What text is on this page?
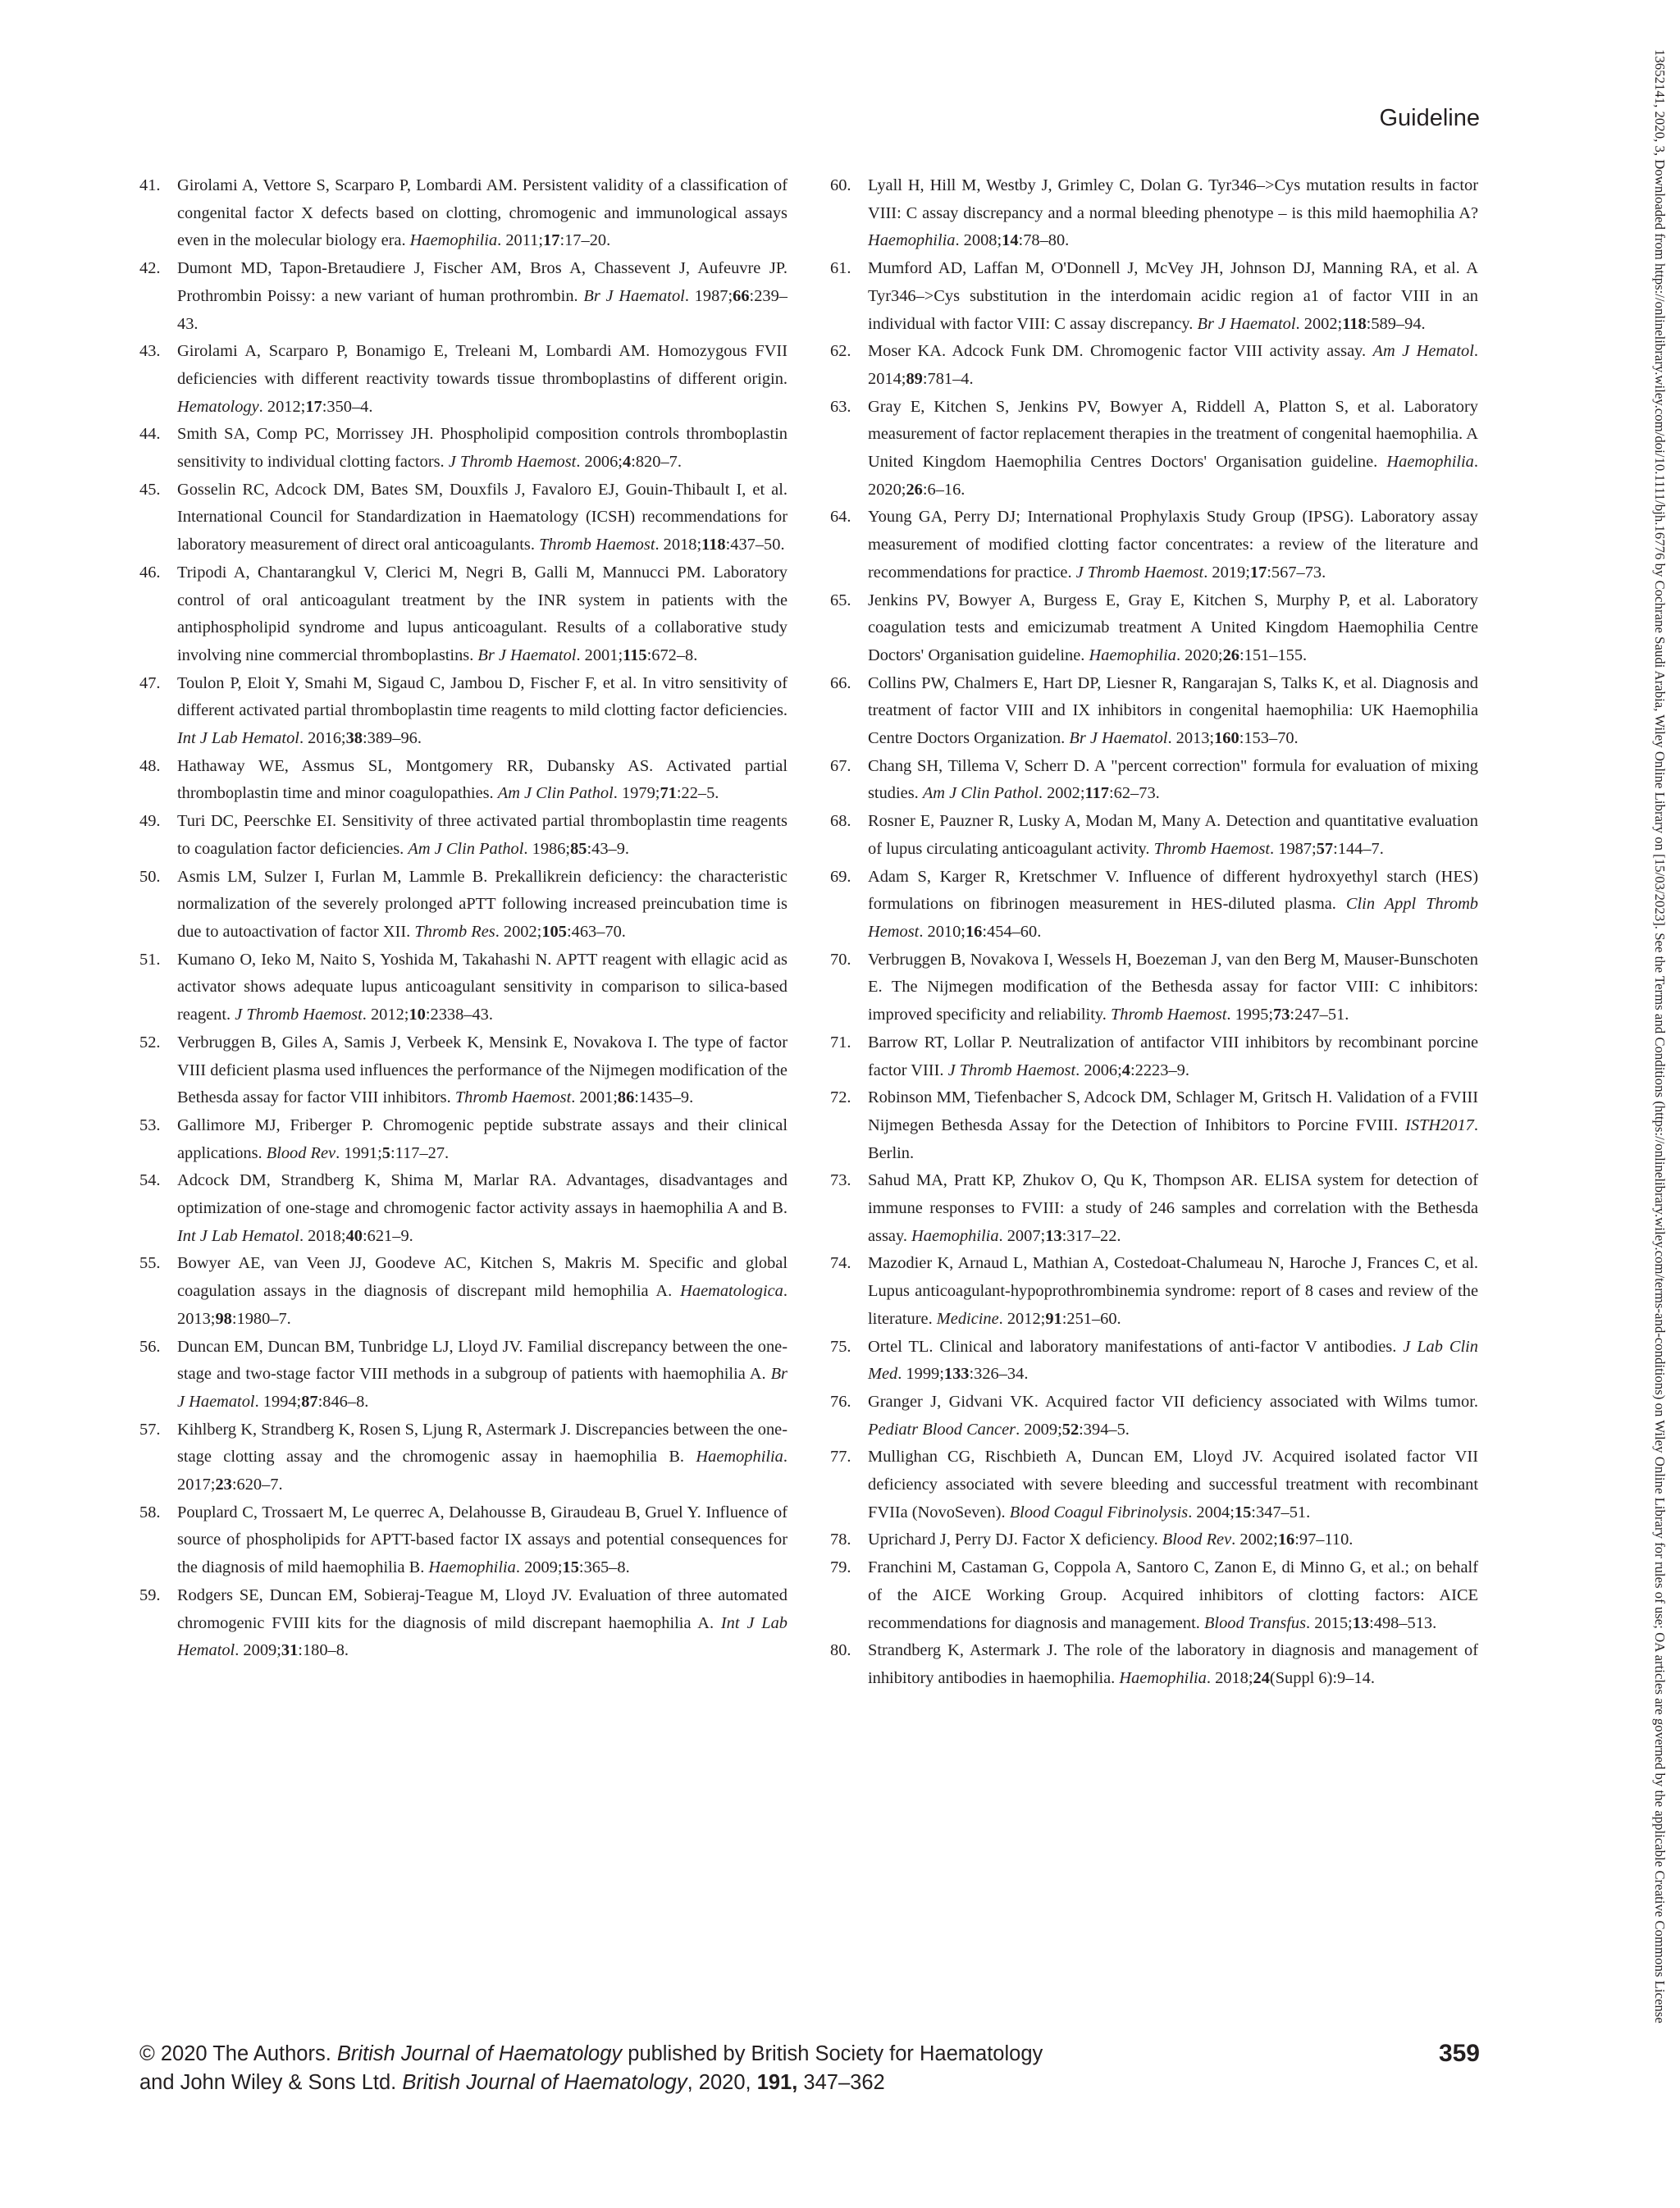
Guideline	13652141, 2020, 3, Downloaded from https://onlinelibrary.wiley.com/doi/10.1111/bjh.16776 by Cochrane Saudi Arabia, Wiley Online Library on [15/03/2023]. See the Terms and Conditions (https://onlinelibrary.wiley.com/terms-and-conditions) on Wiley Online Library for rules of use; OA articles are governed by the applicable Creative Commons License
41.	Girolami A, Vettore S, Scarparo P, Lombardi AM. Persistent validity of a classification of congenital factor X defects based on clotting, chromogenic and immunological assays even in the molecular biology era. Haemophilia. 2011;17:17–20.
42.	Dumont MD, Tapon-Bretaudiere J, Fischer AM, Bros A, Chassevent J, Aufeuvre JP. Prothrombin Poissy: a new variant of human prothrombin. Br J Haematol. 1987;66:239–43.
43.	Girolami A, Scarparo P, Bonamigo E, Treleani M, Lombardi AM. Homozygous FVII deficiencies with different reactivity towards tissue thromboplastins of different origin. Hematology. 2012;17:350–4.
44.	Smith SA, Comp PC, Morrissey JH. Phospholipid composition controls thromboplastin sensitivity to individual clotting factors. J Thromb Haemost. 2006;4:820–7.
45.	Gosselin RC, Adcock DM, Bates SM, Douxfils J, Favaloro EJ, Gouin-Thibault I, et al. International Council for Standardization in Haematology (ICSH) recommendations for laboratory measurement of direct oral anticoagulants. Thromb Haemost. 2018;118:437–50.
46.	Tripodi A, Chantarangkul V, Clerici M, Negri B, Galli M, Mannucci PM. Laboratory control of oral anticoagulant treatment by the INR system in patients with the antiphospholipid syndrome and lupus anticoagulant. Results of a collaborative study involving nine commercial thromboplastins. Br J Haematol. 2001;115:672–8.
47.	Toulon P, Eloit Y, Smahi M, Sigaud C, Jambou D, Fischer F, et al. In vitro sensitivity of different activated partial thromboplastin time reagents to mild clotting factor deficiencies. Int J Lab Hematol. 2016;38:389–96.
48.	Hathaway WE, Assmus SL, Montgomery RR, Dubansky AS. Activated partial thromboplastin time and minor coagulopathies. Am J Clin Pathol. 1979;71:22–5.
49.	Turi DC, Peerschke EI. Sensitivity of three activated partial thromboplastin time reagents to coagulation factor deficiencies. Am J Clin Pathol. 1986;85:43–9.
50.	Asmis LM, Sulzer I, Furlan M, Lammle B. Prekallikrein deficiency: the characteristic normalization of the severely prolonged aPTT following increased preincubation time is due to autoactivation of factor XII. Thromb Res. 2002;105:463–70.
51.	Kumano O, Ieko M, Naito S, Yoshida M, Takahashi N. APTT reagent with ellagic acid as activator shows adequate lupus anticoagulant sensitivity in comparison to silica-based reagent. J Thromb Haemost. 2012;10:2338–43.
52.	Verbruggen B, Giles A, Samis J, Verbeek K, Mensink E, Novakova I. The type of factor VIII deficient plasma used influences the performance of the Nijmegen modification of the Bethesda assay for factor VIII inhibitors. Thromb Haemost. 2001;86:1435–9.
53.	Gallimore MJ, Friberger P. Chromogenic peptide substrate assays and their clinical applications. Blood Rev. 1991;5:117–27.
54.	Adcock DM, Strandberg K, Shima M, Marlar RA. Advantages, disadvantages and optimization of one-stage and chromogenic factor activity assays in haemophilia A and B. Int J Lab Hematol. 2018;40:621–9.
55.	Bowyer AE, van Veen JJ, Goodeve AC, Kitchen S, Makris M. Specific and global coagulation assays in the diagnosis of discrepant mild hemophilia A. Haematologica. 2013;98:1980–7.
56.	Duncan EM, Duncan BM, Tunbridge LJ, Lloyd JV. Familial discrepancy between the one-stage and two-stage factor VIII methods in a subgroup of patients with haemophilia A. Br J Haematol. 1994;87:846–8.
57.	Kihlberg K, Strandberg K, Rosen S, Ljung R, Astermark J. Discrepancies between the one-stage clotting assay and the chromogenic assay in haemophilia B. Haemophilia. 2017;23:620–7.
58.	Pouplard C, Trossaert M, Le querrec A, Delahousse B, Giraudeau B, Gruel Y. Influence of source of phospholipids for APTT-based factor IX assays and potential consequences for the diagnosis of mild haemophilia B. Haemophilia. 2009;15:365–8.
59.	Rodgers SE, Duncan EM, Sobieraj-Teague M, Lloyd JV. Evaluation of three automated chromogenic FVIII kits for the diagnosis of mild discrepant haemophilia A. Int J Lab Hematol. 2009;31:180–8.
60.	Lyall H, Hill M, Westby J, Grimley C, Dolan G. Tyr346–>Cys mutation results in factor VIII: C assay discrepancy and a normal bleeding phenotype – is this mild haemophilia A? Haemophilia. 2008;14:78–80.
61.	Mumford AD, Laffan M, O'Donnell J, McVey JH, Johnson DJ, Manning RA, et al. A Tyr346–>Cys substitution in the interdomain acidic region a1 of factor VIII in an individual with factor VIII: C assay discrepancy. Br J Haematol. 2002;118:589–94.
62.	Moser KA. Adcock Funk DM. Chromogenic factor VIII activity assay. Am J Hematol. 2014;89:781–4.
63.	Gray E, Kitchen S, Jenkins PV, Bowyer A, Riddell A, Platton S, et al. Laboratory measurement of factor replacement therapies in the treatment of congenital haemophilia. A United Kingdom Haemophilia Centres Doctors' Organisation guideline. Haemophilia. 2020;26:6–16.
64.	Young GA, Perry DJ; International Prophylaxis Study Group (IPSG). Laboratory assay measurement of modified clotting factor concentrates: a review of the literature and recommendations for practice. J Thromb Haemost. 2019;17:567–73.
65.	Jenkins PV, Bowyer A, Burgess E, Gray E, Kitchen S, Murphy P, et al. Laboratory coagulation tests and emicizumab treatment A United Kingdom Haemophilia Centre Doctors' Organisation guideline. Haemophilia. 2020;26:151–155.
66.	Collins PW, Chalmers E, Hart DP, Liesner R, Rangarajan S, Talks K, et al. Diagnosis and treatment of factor VIII and IX inhibitors in congenital haemophilia: UK Haemophilia Centre Doctors Organization. Br J Haematol. 2013;160:153–70.
67.	Chang SH, Tillema V, Scherr D. A "percent correction" formula for evaluation of mixing studies. Am J Clin Pathol. 2002;117:62–73.
68.	Rosner E, Pauzner R, Lusky A, Modan M, Many A. Detection and quantitative evaluation of lupus circulating anticoagulant activity. Thromb Haemost. 1987;57:144–7.
69.	Adam S, Karger R, Kretschmer V. Influence of different hydroxyethyl starch (HES) formulations on fibrinogen measurement in HES-diluted plasma. Clin Appl Thromb Hemost. 2010;16:454–60.
70.	Verbruggen B, Novakova I, Wessels H, Boezeman J, van den Berg M, Mauser-Bunschoten E. The Nijmegen modification of the Bethesda assay for factor VIII: C inhibitors: improved specificity and reliability. Thromb Haemost. 1995;73:247–51.
71.	Barrow RT, Lollar P. Neutralization of antifactor VIII inhibitors by recombinant porcine factor VIII. J Thromb Haemost. 2006;4:2223–9.
72.	Robinson MM, Tiefenbacher S, Adcock DM, Schlager M, Gritsch H. Validation of a FVIII Nijmegen Bethesda Assay for the Detection of Inhibitors to Porcine FVIII. ISTH2017. Berlin.
73.	Sahud MA, Pratt KP, Zhukov O, Qu K, Thompson AR. ELISA system for detection of immune responses to FVIII: a study of 246 samples and correlation with the Bethesda assay. Haemophilia. 2007;13:317–22.
74.	Mazodier K, Arnaud L, Mathian A, Costedoat-Chalumeau N, Haroche J, Frances C, et al. Lupus anticoagulant-hypoprothrombinemia syndrome: report of 8 cases and review of the literature. Medicine. 2012;91:251–60.
75.	Ortel TL. Clinical and laboratory manifestations of anti-factor V antibodies. J Lab Clin Med. 1999;133:326–34.
76.	Granger J, Gidvani VK. Acquired factor VII deficiency associated with Wilms tumor. Pediatr Blood Cancer. 2009;52:394–5.
77.	Mullighan CG, Rischbieth A, Duncan EM, Lloyd JV. Acquired isolated factor VII deficiency associated with severe bleeding and successful treatment with recombinant FVIIa (NovoSeven). Blood Coagul Fibrinolysis. 2004;15:347–51.
78.	Uprichard J, Perry DJ. Factor X deficiency. Blood Rev. 2002;16:97–110.
79.	Franchini M, Castaman G, Coppola A, Santoro C, Zanon E, di Minno G, et al.; on behalf of the AICE Working Group. Acquired inhibitors of clotting factors: AICE recommendations for diagnosis and management. Blood Transfus. 2015;13:498–513.
80.	Strandberg K, Astermark J. The role of the laboratory in diagnosis and management of inhibitory antibodies in haemophilia. Haemophilia. 2018;24(Suppl 6):9–14.
© 2020 The Authors. British Journal of Haematology published by British Society for Haematology
and John Wiley & Sons Ltd. British Journal of Haematology, 2020, 191, 347–362
359
